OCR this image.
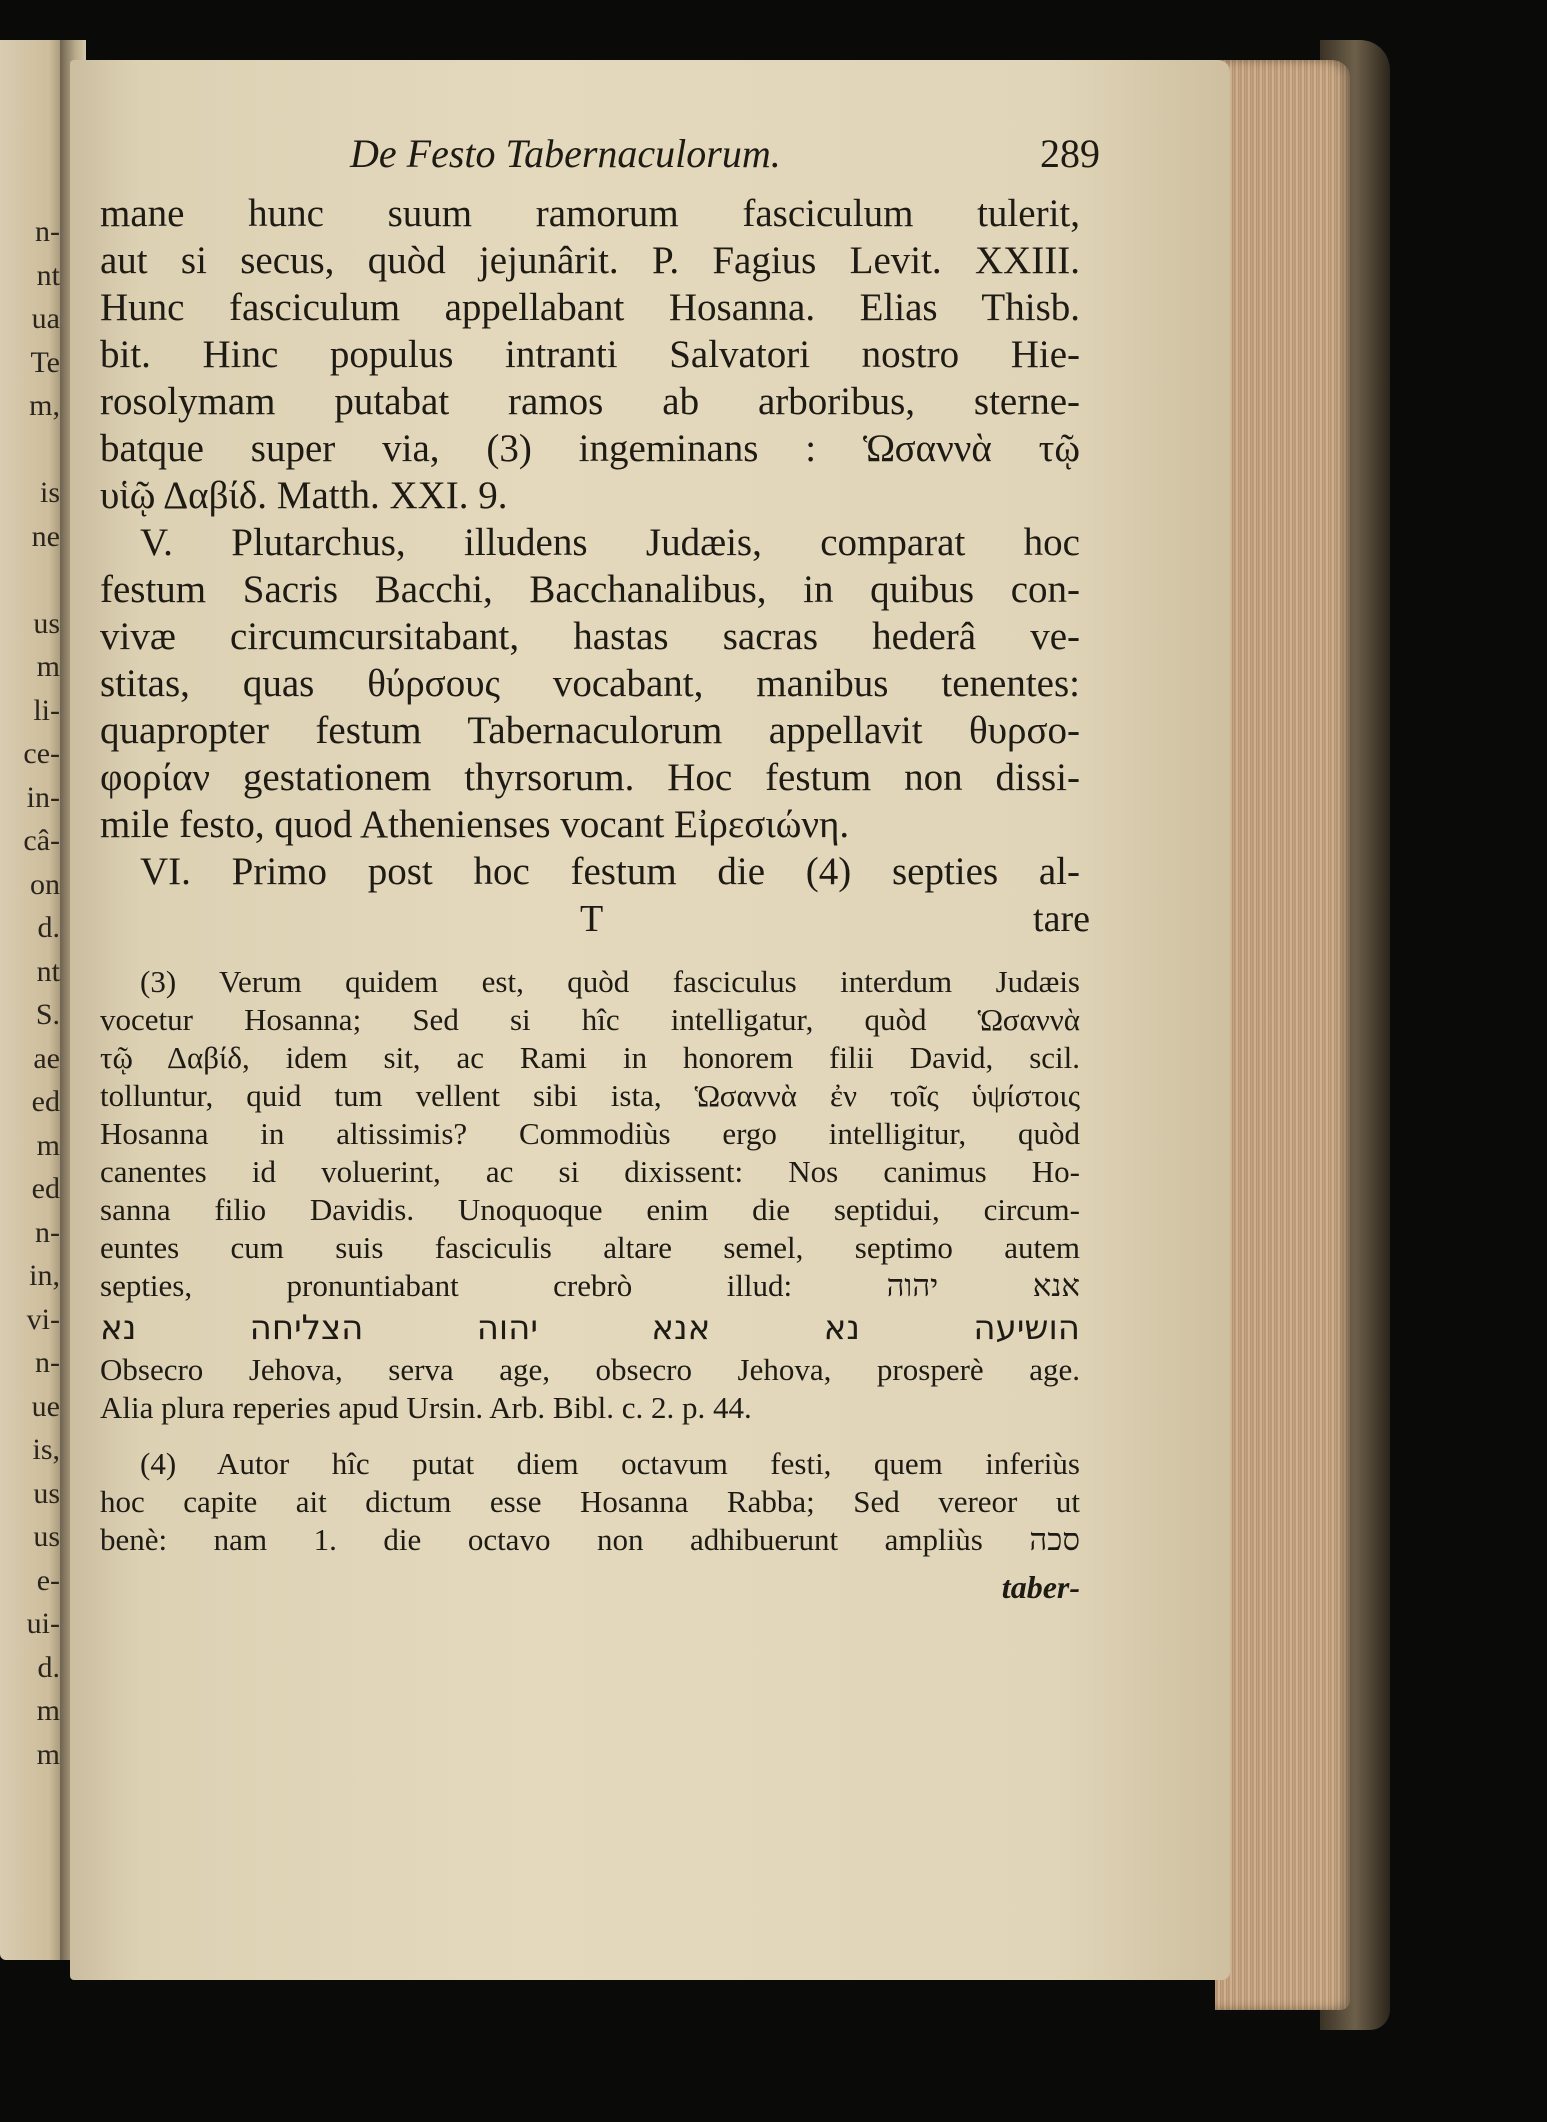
n-
nt
ua
Te
m,
is
ne
us
m
li-
ce-
in-
câ-
on
d.
nt
S.
ae
ed
m
ed
n-
in,
vi-
n-
ue
is,
us
us
e-
ui-
d.
m
m
De Festo Tabernaculorum.	289
mane hunc suum ramorum fasciculum tulerit,
aut si secus, quòd jejunârit. P. Fagius Levit. XXIII.
Hunc fasciculum appellabant Hosanna. Elias Thisb.
bit. Hinc populus intranti Salvatori nostro Hie-
rosolymam putabat ramos ab arboribus, sterne-
batque super via, (3) ingeminans : Ὡσαννὰ τῷ
υἱῷ Δαβίδ. Matth. XXI. 9.
V. Plutarchus, illudens Judæis, comparat hoc
festum Sacris Bacchi, Bacchanalibus, in quibus con-
vivæ circumcursitabant, hastas sacras hederâ ve-
stitas, quas θύρσους vocabant, manibus tenentes:
quapropter festum Tabernaculorum appellavit θυρσο-
φορίαν gestationem thyrsorum. Hoc festum non dissi-
mile festo, quod Athenienses vocant Εἰρεσιώνη.
VI. Primo post hoc festum die (4) septies al-
T	tare
(3) Verum quidem est, quòd fasciculus interdum Judæis
vocetur Hosanna; Sed si hîc intelligatur, quòd Ὡσαννὰ
τῷ Δαβίδ, idem sit, ac Rami in honorem filii David, scil.
tolluntur, quid tum vellent sibi ista, Ὡσαννὰ ἐν τοῖς ὑψίστοις
Hosanna in altissimis? Commodiùs ergo intelligitur, quòd
canentes id voluerint, ac si dixissent: Nos canimus Ho-
sanna filio Davidis. Unoquoque enim die septidui, circum-
euntes cum suis fasciculis altare semel, septimo autem
septies, pronuntiabant crebrò illud: אנא יהוה
הושיעה נא אנא יהוה הצליחה נא
Obsecro Jehova, serva age, obsecro Jehova, prosperè age.
Alia plura reperies apud Ursin. Arb. Bibl. c. 2. p. 44.
(4) Autor hîc putat diem octavum festi, quem inferiùs
hoc capite ait dictum esse Hosanna Rabba; Sed vereor ut
benè: nam 1. die octavo non adhibuerunt ampliùs סכה
taber-
